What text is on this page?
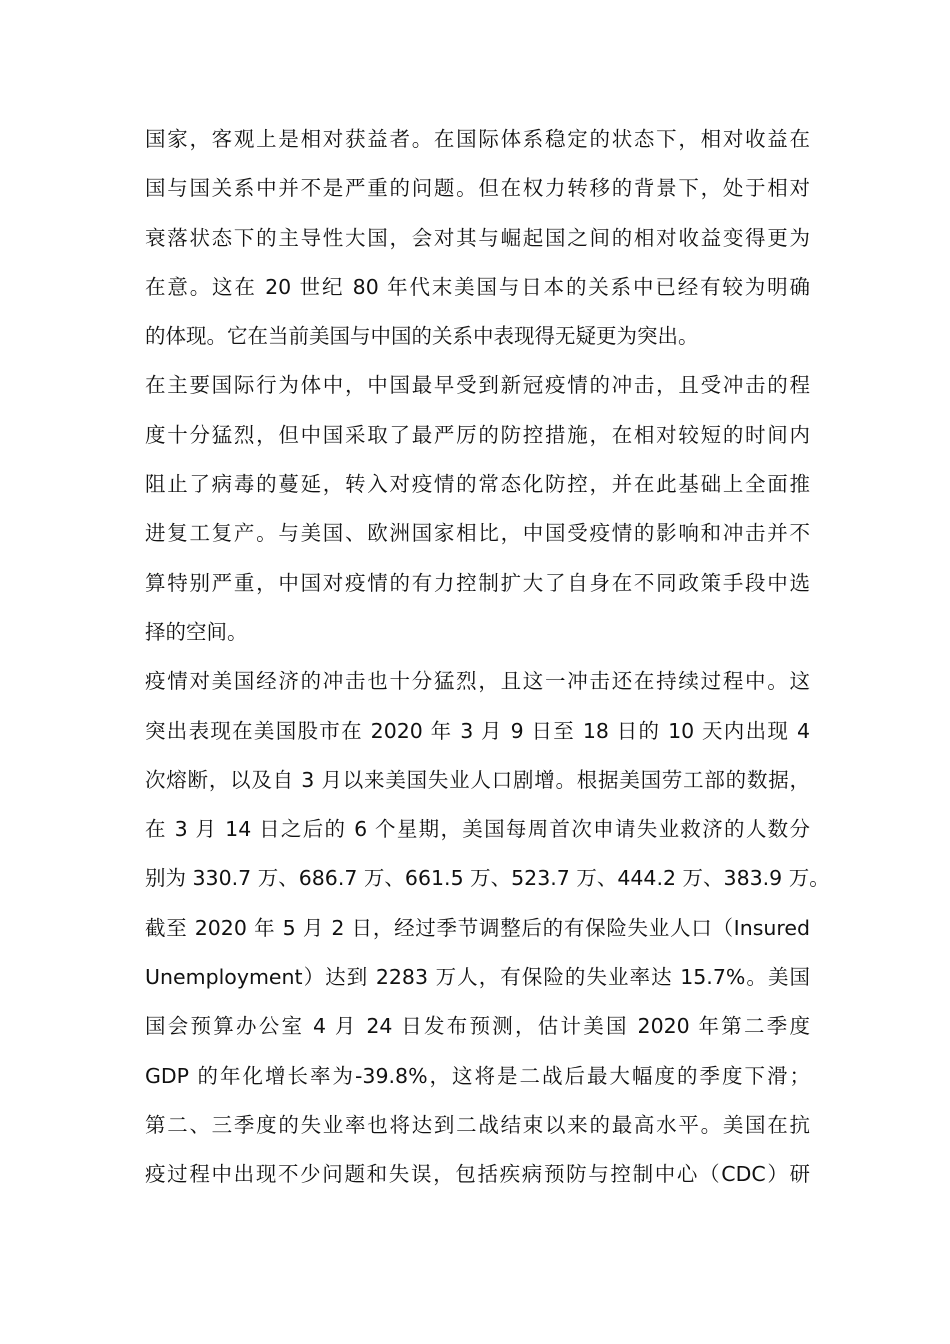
国家，客观上是相对获益者。在国际体系稳定的状态下，相对收益在
国与国关系中并不是严重的问题。但在权力转移的背景下，处于相对
衰落状态下的主导性大国，会对其与崛起国之间的相对收益变得更为
在意。这在 20 世纪 80 年代末美国与日本的关系中已经有较为明确
的体现。它在当前美国与中国的关系中表现得无疑更为突出。
在主要国际行为体中，中国最早受到新冠疫情的冲击，且受冲击的程
度十分猛烈，但中国采取了最严厉的防控措施，在相对较短的时间内
阻止了病毒的蔓延，转入对疫情的常态化防控，并在此基础上全面推
进复工复产。与美国、欧洲国家相比，中国受疫情的影响和冲击并不
算特别严重，中国对疫情的有力控制扩大了自身在不同政策手段中选
择的空间。
疫情对美国经济的冲击也十分猛烈，且这一冲击还在持续过程中。这
突出表现在美国股市在 2020 年 3 月 9 日至 18 日的 10 天内出现 4
次熔断，以及自 3 月以来美国失业人口剧增。根据美国劳工部的数据，
在 3 月 14 日之后的 6 个星期，美国每周首次申请失业救济的人数分
别为 330.7 万、686.7 万、661.5 万、523.7 万、444.2 万、383.9 万。
截至 2020 年 5 月 2 日，经过季节调整后的有保险失业人口（Insured
Unemployment）达到 2283 万人，有保险的失业率达 15.7%。美国
国会预算办公室 4 月 24 日发布预测，估计美国 2020 年第二季度
GDP 的年化增长率为-39.8%，这将是二战后最大幅度的季度下滑；
第二、三季度的失业率也将达到二战结束以来的最高水平。美国在抗
疫过程中出现不少问题和失误，包括疾病预防与控制中心（CDC）研
